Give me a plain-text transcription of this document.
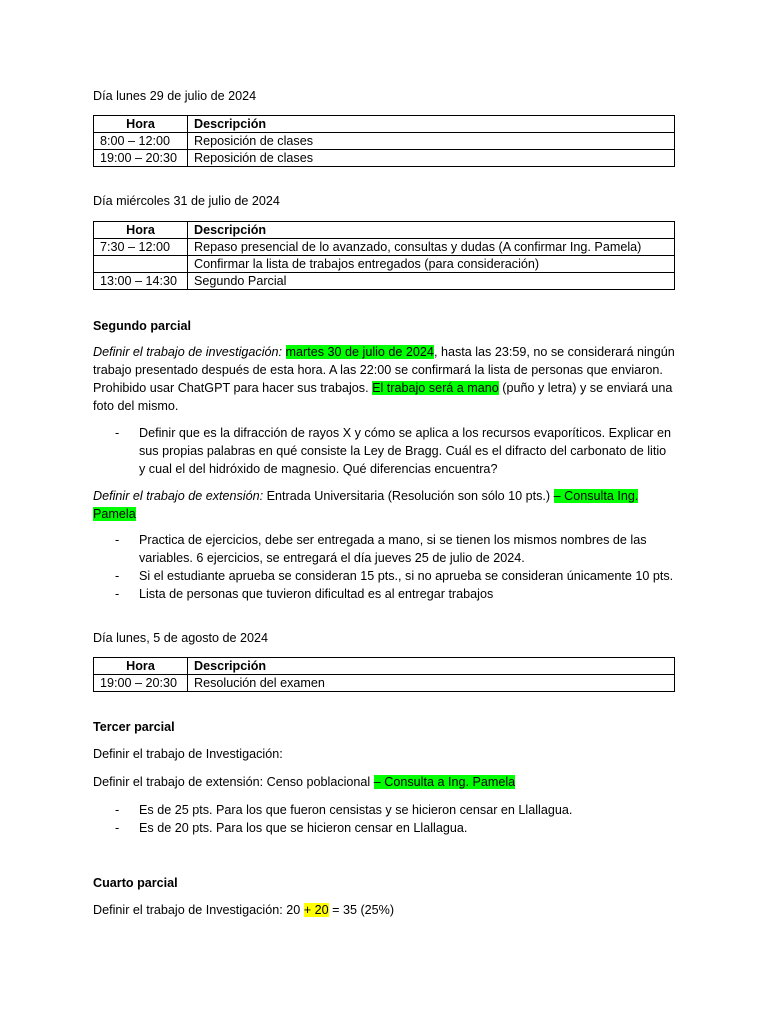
Día lunes 29 de julio de 2024

Hora	Descripción
8:00 – 12:00	Reposición de clases
19:00 – 20:30	Reposición de clases

Día miércoles 31 de julio de 2024

Hora	Descripción
7:30 – 12:00	Repaso presencial de lo avanzado, consultas y dudas (A confirmar Ing. Pamela)
	Confirmar la lista de trabajos entregados (para consideración)
13:00 – 14:30	Segundo Parcial

Segundo parcial

Definir el trabajo de investigación: martes 30 de julio de 2024, hasta las 23:59, no se considerará ningún trabajo presentado después de esta hora. A las 22:00 se confirmará la lista de personas que enviaron. Prohibido usar ChatGPT para hacer sus trabajos. El trabajo será a mano (puño y letra) y se enviará una foto del mismo.

- Definir que es la difracción de rayos X y cómo se aplica a los recursos evaporíticos. Explicar en sus propias palabras en qué consiste la Ley de Bragg. Cuál es el difracto del carbonato de litio y cual el del hidróxido de magnesio. Qué diferencias encuentra?

Definir el trabajo de extensión: Entrada Universitaria (Resolución son sólo 10 pts.) – Consulta Ing. Pamela

- Practica de ejercicios, debe ser entregada a mano, si se tienen los mismos nombres de las variables. 6 ejercicios, se entregará el día jueves 25 de julio de 2024.
- Si el estudiante aprueba se consideran 15 pts., si no aprueba se consideran únicamente 10 pts.
- Lista de personas que tuvieron dificultad es al entregar trabajos

Día lunes, 5 de agosto de 2024

Hora	Descripción
19:00 – 20:30	Resolución del examen

Tercer parcial

Definir el trabajo de Investigación:

Definir el trabajo de extensión: Censo poblacional – Consulta a Ing. Pamela

- Es de 25 pts. Para los que fueron censistas y se hicieron censar en Llallagua.
- Es de 20 pts. Para los que se hicieron censar en Llallagua.

Cuarto parcial

Definir el trabajo de Investigación: 20 + 20 = 35 (25%)
